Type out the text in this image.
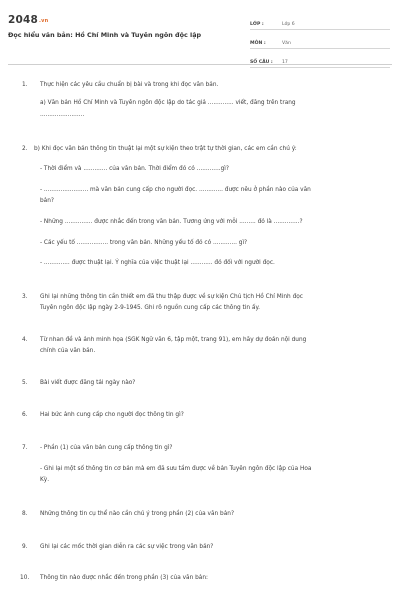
2048.vn
Đọc hiểu văn bản: Hồ Chí Minh và Tuyên ngôn độc lập
LỚP :	Lớp 6
MÔN :	Văn
SỐ CÂU :	17
1. Thực hiện các yêu cầu chuẩn bị bài và trong khi đọc văn bản.
a) Văn bản Hồ Chí Minh và Tuyên ngôn độc lập do tác giả .............. viết, đăng trên trang
........................
2. b) Khi đọc văn bản thông tin thuật lại một sự kiện theo trật tự thời gian, các em cần chú ý:
- Thời điểm và ............. của văn bản. Thời điểm đó có .............gì?
- ........................ mà văn bản cung cấp cho người đọc. ............. được nêu ở phần nào của văn
bản?
- Những ............... được nhắc đến trong văn bản. Tương ứng với mỗi ......... đó là ..............?
- Các yếu tố ................. trong văn bản. Những yếu tố đó có ............. gì?
- .............. được thuật lại. Ý nghĩa của việc thuật lại ............ đó đối với người đọc.
3. Ghi lại những thông tin cần thiết em đã thu thập được về sự kiện Chủ tịch Hồ Chí Minh đọc
Tuyên ngôn độc lập ngày 2-9-1945. Ghi rõ nguồn cung cấp các thông tin ấy.
4. Từ nhan đề và ảnh minh họa (SGK Ngữ văn 6, tập một, trang 91), em hãy dự đoán nội dung
chính của văn bản.
5. Bài viết được đăng tải ngày nào?
6. Hai bức ảnh cung cấp cho người đọc thông tin gì?
7. - Phần (1) của văn bản cung cấp thông tin gì?
- Ghi lại một số thông tin cơ bản mà em đã sưu tầm được về bản Tuyên ngôn độc lập của Hoa
Kỳ.
8. Những thông tin cụ thể nào cần chú ý trong phần (2) của văn bản?
9. Ghi lại các mốc thời gian diễn ra các sự việc trong văn bản?
10. Thông tin nào được nhắc đến trong phần (3) của văn bản:
